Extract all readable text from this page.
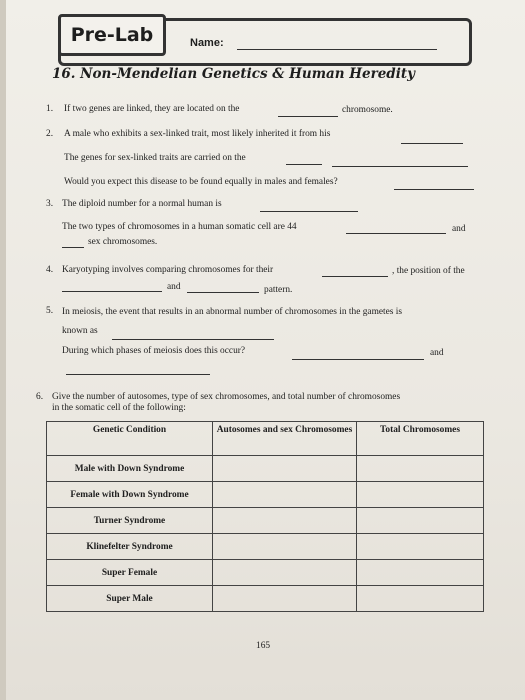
Pre-Lab	Name:
16. Non-Mendelian Genetics & Human Heredity
1. If two genes are linked, they are located on the	chromosome.
2. A male who exhibits a sex-linked trait, most likely inherited it from his
The genes for sex-linked traits are carried on the
Would you expect this disease to be found equally in males and females?
3. The diploid number for a normal human is
The two types of chromosomes in a human somatic cell are 44	and
sex chromosomes.
4. Karyotyping involves comparing chromosomes for their	, the position of the
and	pattern.
5. In meiosis, the event that results in an abnormal number of chromosomes in the gametes is
known as
During which phases of meiosis does this occur?	and
6. Give the number of autosomes, type of sex chromosomes, and total number of chromosomes
in the somatic cell of the following:
Genetic Condition	Autosomes and sex Chromosomes	Total Chromosomes
Male with Down Syndrome		
Female with Down Syndrome		
Turner Syndrome		
Klinefelter Syndrome		
Super Female		
Super Male		
165
